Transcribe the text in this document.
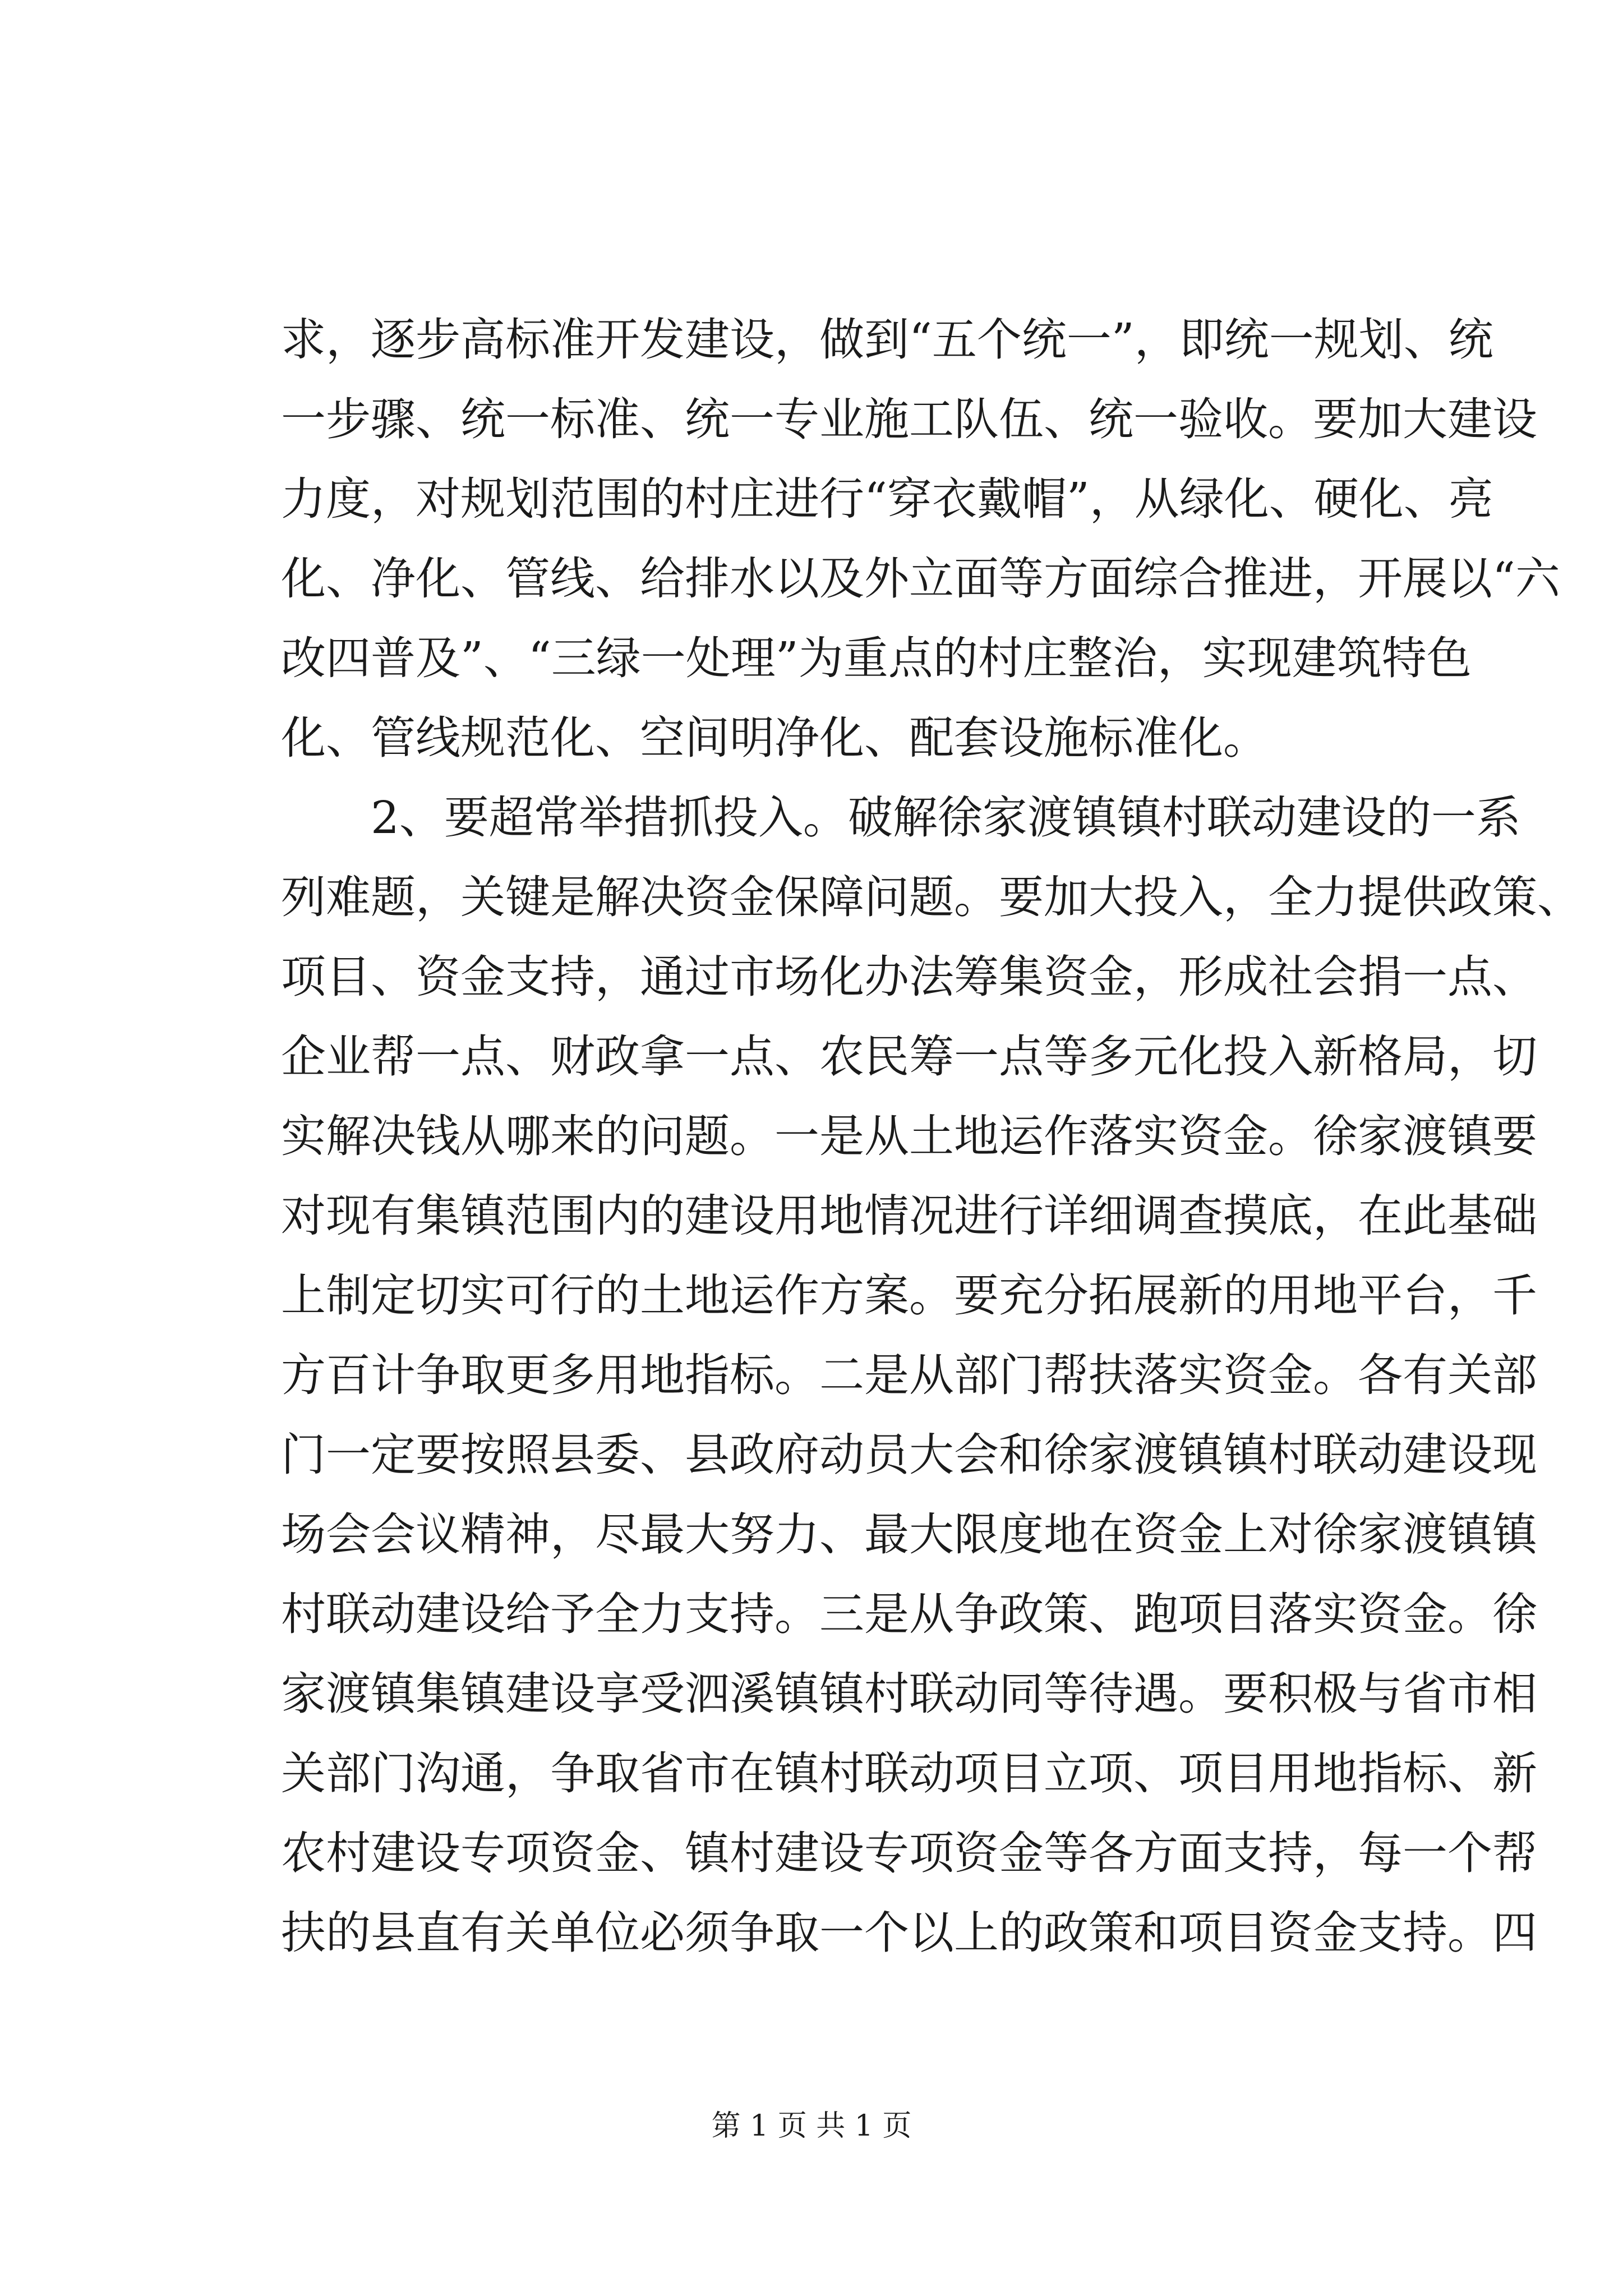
求，逐步高标准开发建设，做到“五个统一”，即统一规划、统
一步骤、统一标准、统一专业施工队伍、统一验收。要加大建设
力度，对规划范围的村庄进行“穿衣戴帽”，从绿化、硬化、亮
化、净化、管线、给排水以及外立面等方面综合推进，开展以“六
改四普及”、“三绿一处理”为重点的村庄整治，实现建筑特色
化、管线规范化、空间明净化、配套设施标准化。
　　2、要超常举措抓投入。破解徐家渡镇镇村联动建设的一系
列难题，关键是解决资金保障问题。要加大投入，全力提供政策、
项目、资金支持，通过市场化办法筹集资金，形成社会捐一点、
企业帮一点、财政拿一点、农民筹一点等多元化投入新格局，切
实解决钱从哪来的问题。一是从土地运作落实资金。徐家渡镇要
对现有集镇范围内的建设用地情况进行详细调查摸底，在此基础
上制定切实可行的土地运作方案。要充分拓展新的用地平台，千
方百计争取更多用地指标。二是从部门帮扶落实资金。各有关部
门一定要按照县委、县政府动员大会和徐家渡镇镇村联动建设现
场会会议精神，尽最大努力、最大限度地在资金上对徐家渡镇镇
村联动建设给予全力支持。三是从争政策、跑项目落实资金。徐
家渡镇集镇建设享受泗溪镇镇村联动同等待遇。要积极与省市相
关部门沟通，争取省市在镇村联动项目立项、项目用地指标、新
农村建设专项资金、镇村建设专项资金等各方面支持，每一个帮
扶的县直有关单位必须争取一个以上的政策和项目资金支持。四
第 1 页 共 1 页
